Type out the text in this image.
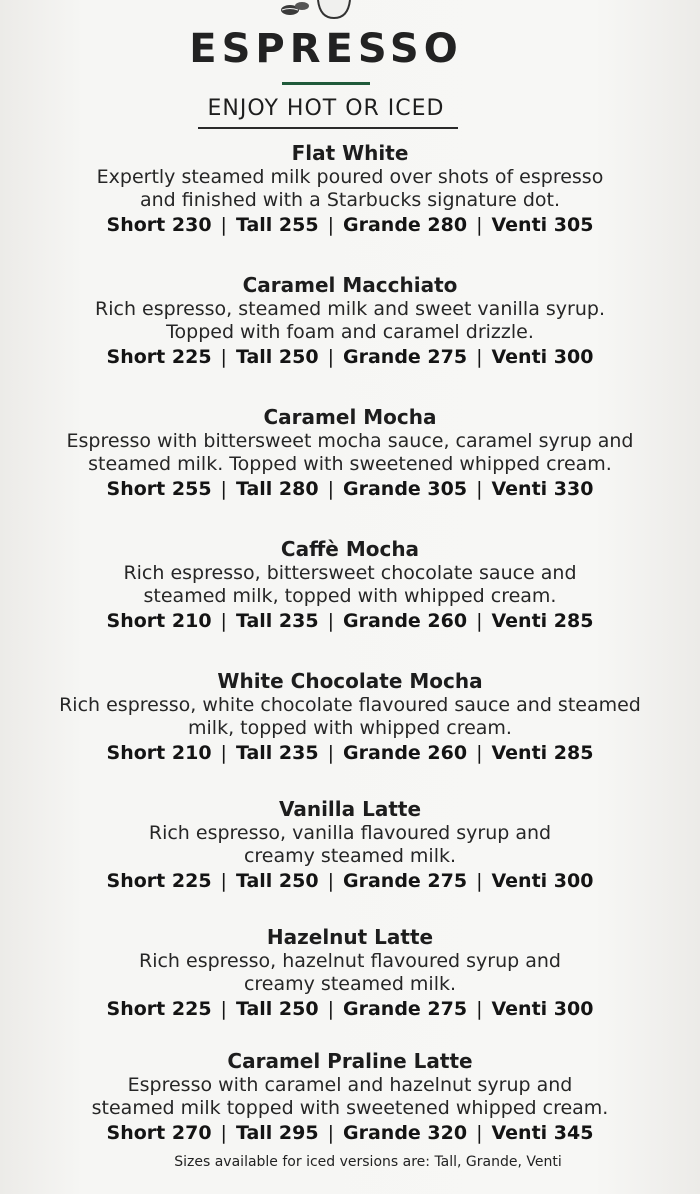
ESPRESSO
ENJOY HOT OR ICED
Flat White
Expertly steamed milk poured over shots of espresso
and finished with a Starbucks signature dot.
Short 230 | Tall 255 | Grande 280 | Venti 305
Caramel Macchiato
Rich espresso, steamed milk and sweet vanilla syrup.
Topped with foam and caramel drizzle.
Short 225 | Tall 250 | Grande 275 | Venti 300
Caramel Mocha
Espresso with bittersweet mocha sauce, caramel syrup and
steamed milk. Topped with sweetened whipped cream.
Short 255 | Tall 280 | Grande 305 | Venti 330
Caffè Mocha
Rich espresso, bittersweet chocolate sauce and
steamed milk, topped with whipped cream.
Short 210 | Tall 235 | Grande 260 | Venti 285
White Chocolate Mocha
Rich espresso, white chocolate flavoured sauce and steamed
milk, topped with whipped cream.
Short 210 | Tall 235 | Grande 260 | Venti 285
Vanilla Latte
Rich espresso, vanilla flavoured syrup and
creamy steamed milk.
Short 225 | Tall 250 | Grande 275 | Venti 300
Hazelnut Latte
Rich espresso, hazelnut flavoured syrup and
creamy steamed milk.
Short 225 | Tall 250 | Grande 275 | Venti 300
Caramel Praline Latte
Espresso with caramel and hazelnut syrup and
steamed milk topped with sweetened whipped cream.
Short 270 | Tall 295 | Grande 320 | Venti 345
Sizes available for iced versions are: Tall, Grande, Venti
